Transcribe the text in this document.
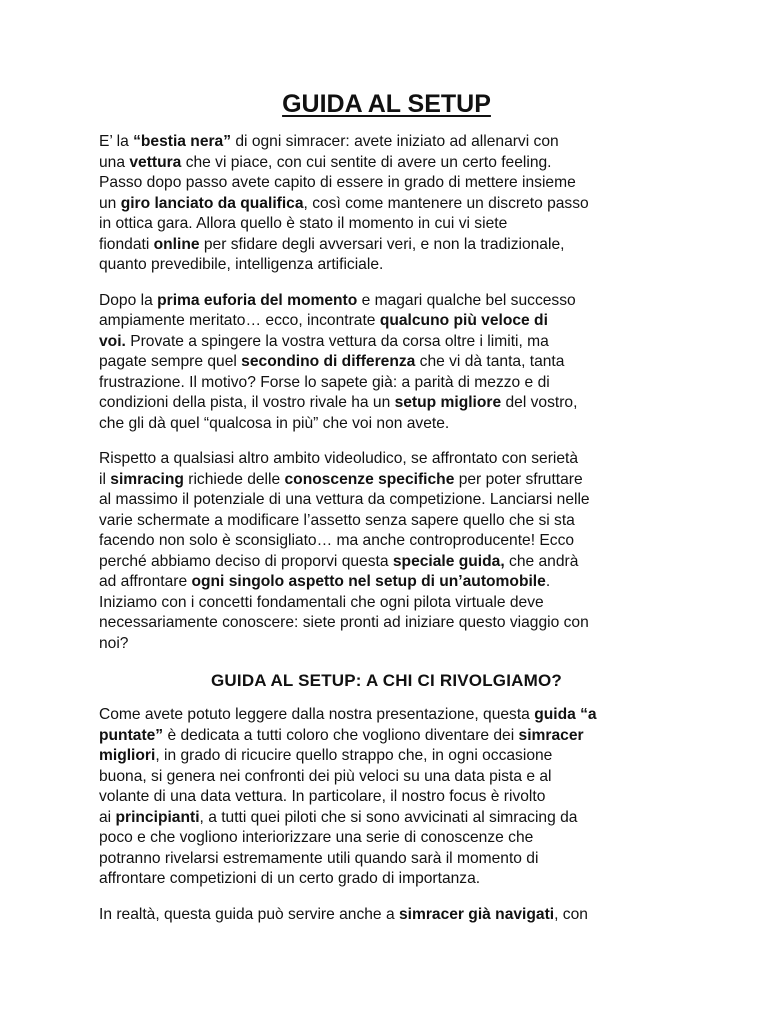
GUIDA AL SETUP
E’ la “bestia nera” di ogni simracer: avete iniziato ad allenarvi con
una vettura che vi piace, con cui sentite di avere un certo feeling.
Passo dopo passo avete capito di essere in grado di mettere insieme
un giro lanciato da qualifica, così come mantenere un discreto passo
in ottica gara. Allora quello è stato il momento in cui vi siete
fiondati online per sfidare degli avversari veri, e non la tradizionale,
quanto prevedibile, intelligenza artificiale.
Dopo la prima euforia del momento e magari qualche bel successo
ampiamente meritato… ecco, incontrate qualcuno più veloce di
voi. Provate a spingere la vostra vettura da corsa oltre i limiti, ma
pagate sempre quel secondino di differenza che vi dà tanta, tanta
frustrazione. Il motivo? Forse lo sapete già: a parità di mezzo e di
condizioni della pista, il vostro rivale ha un setup migliore del vostro,
che gli dà quel “qualcosa in più” che voi non avete.
Rispetto a qualsiasi altro ambito videoludico, se affrontato con serietà
il simracing richiede delle conoscenze specifiche per poter sfruttare
al massimo il potenziale di una vettura da competizione. Lanciarsi nelle
varie schermate a modificare l’assetto senza sapere quello che si sta
facendo non solo è sconsigliato… ma anche controproducente! Ecco
perché abbiamo deciso di proporvi questa speciale guida, che andrà
ad affrontare ogni singolo aspetto nel setup di un’automobile.
Iniziamo con i concetti fondamentali che ogni pilota virtuale deve
necessariamente conoscere: siete pronti ad iniziare questo viaggio con
noi?
GUIDA AL SETUP: A CHI CI RIVOLGIAMO?
Come avete potuto leggere dalla nostra presentazione, questa guida “a
puntate” è dedicata a tutti coloro che vogliono diventare dei simracer
migliori, in grado di ricucire quello strappo che, in ogni occasione
buona, si genera nei confronti dei più veloci su una data pista e al
volante di una data vettura. In particolare, il nostro focus è rivolto
ai principianti, a tutti quei piloti che si sono avvicinati al simracing da
poco e che vogliono interiorizzare una serie di conoscenze che
potranno rivelarsi estremamente utili quando sarà il momento di
affrontare competizioni di un certo grado di importanza.
In realtà, questa guida può servire anche a simracer già navigati, con
